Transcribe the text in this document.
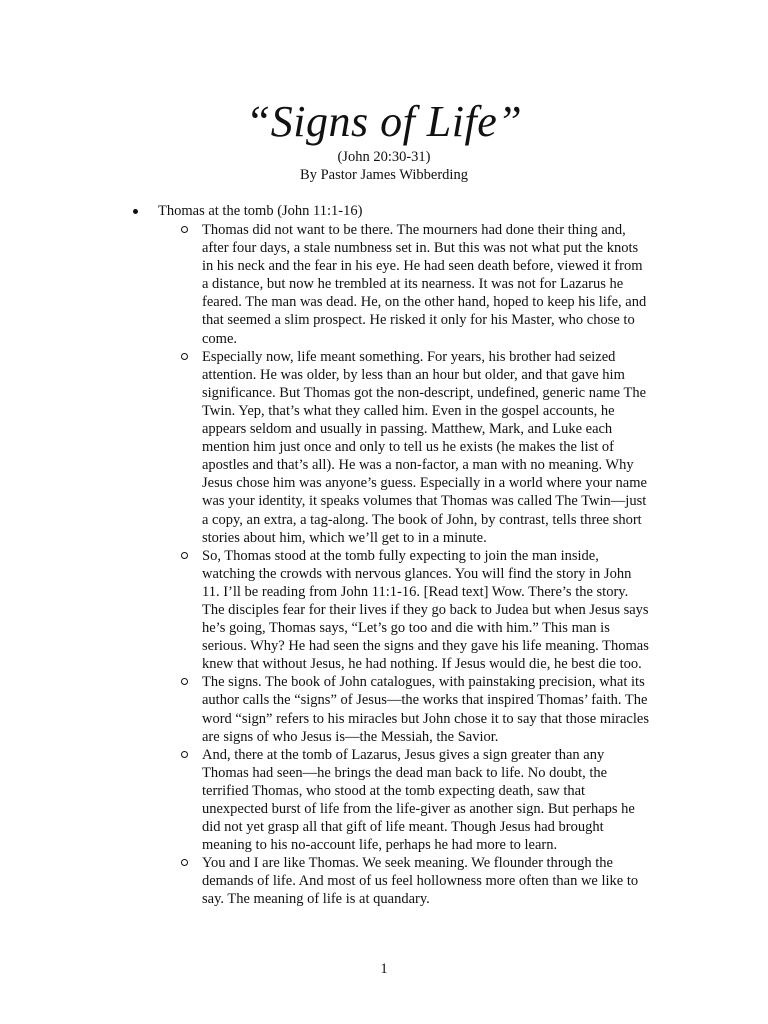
“Signs of Life”
(John 20:30-31)
By Pastor James Wibberding
Thomas at the tomb (John 11:1-16)
Thomas did not want to be there. The mourners had done their thing and, after four days, a stale numbness set in. But this was not what put the knots in his neck and the fear in his eye. He had seen death before, viewed it from a distance, but now he trembled at its nearness. It was not for Lazarus he feared. The man was dead. He, on the other hand, hoped to keep his life, and that seemed a slim prospect. He risked it only for his Master, who chose to come.
Especially now, life meant something. For years, his brother had seized attention. He was older, by less than an hour but older, and that gave him significance. But Thomas got the non-descript, undefined, generic name The Twin. Yep, that’s what they called him. Even in the gospel accounts, he appears seldom and usually in passing. Matthew, Mark, and Luke each mention him just once and only to tell us he exists (he makes the list of apostles and that’s all). He was a non-factor, a man with no meaning. Why Jesus chose him was anyone’s guess. Especially in a world where your name was your identity, it speaks volumes that Thomas was called The Twin—just a copy, an extra, a tag-along. The book of John, by contrast, tells three short stories about him, which we’ll get to in a minute.
So, Thomas stood at the tomb fully expecting to join the man inside, watching the crowds with nervous glances. You will find the story in John 11. I’ll be reading from John 11:1-16. [Read text] Wow. There’s the story. The disciples fear for their lives if they go back to Judea but when Jesus says he’s going, Thomas says, “Let’s go too and die with him.” This man is serious. Why? He had seen the signs and they gave his life meaning. Thomas knew that without Jesus, he had nothing. If Jesus would die, he best die too.
The signs. The book of John catalogues, with painstaking precision, what its author calls the “signs” of Jesus—the works that inspired Thomas’ faith. The word “sign” refers to his miracles but John chose it to say that those miracles are signs of who Jesus is—the Messiah, the Savior.
And, there at the tomb of Lazarus, Jesus gives a sign greater than any Thomas had seen—he brings the dead man back to life. No doubt, the terrified Thomas, who stood at the tomb expecting death, saw that unexpected burst of life from the life-giver as another sign. But perhaps he did not yet grasp all that gift of life meant. Though Jesus had brought meaning to his no-account life, perhaps he had more to learn.
You and I are like Thomas. We seek meaning. We flounder through the demands of life. And most of us feel hollowness more often than we like to say. The meaning of life is at quandary.
1
